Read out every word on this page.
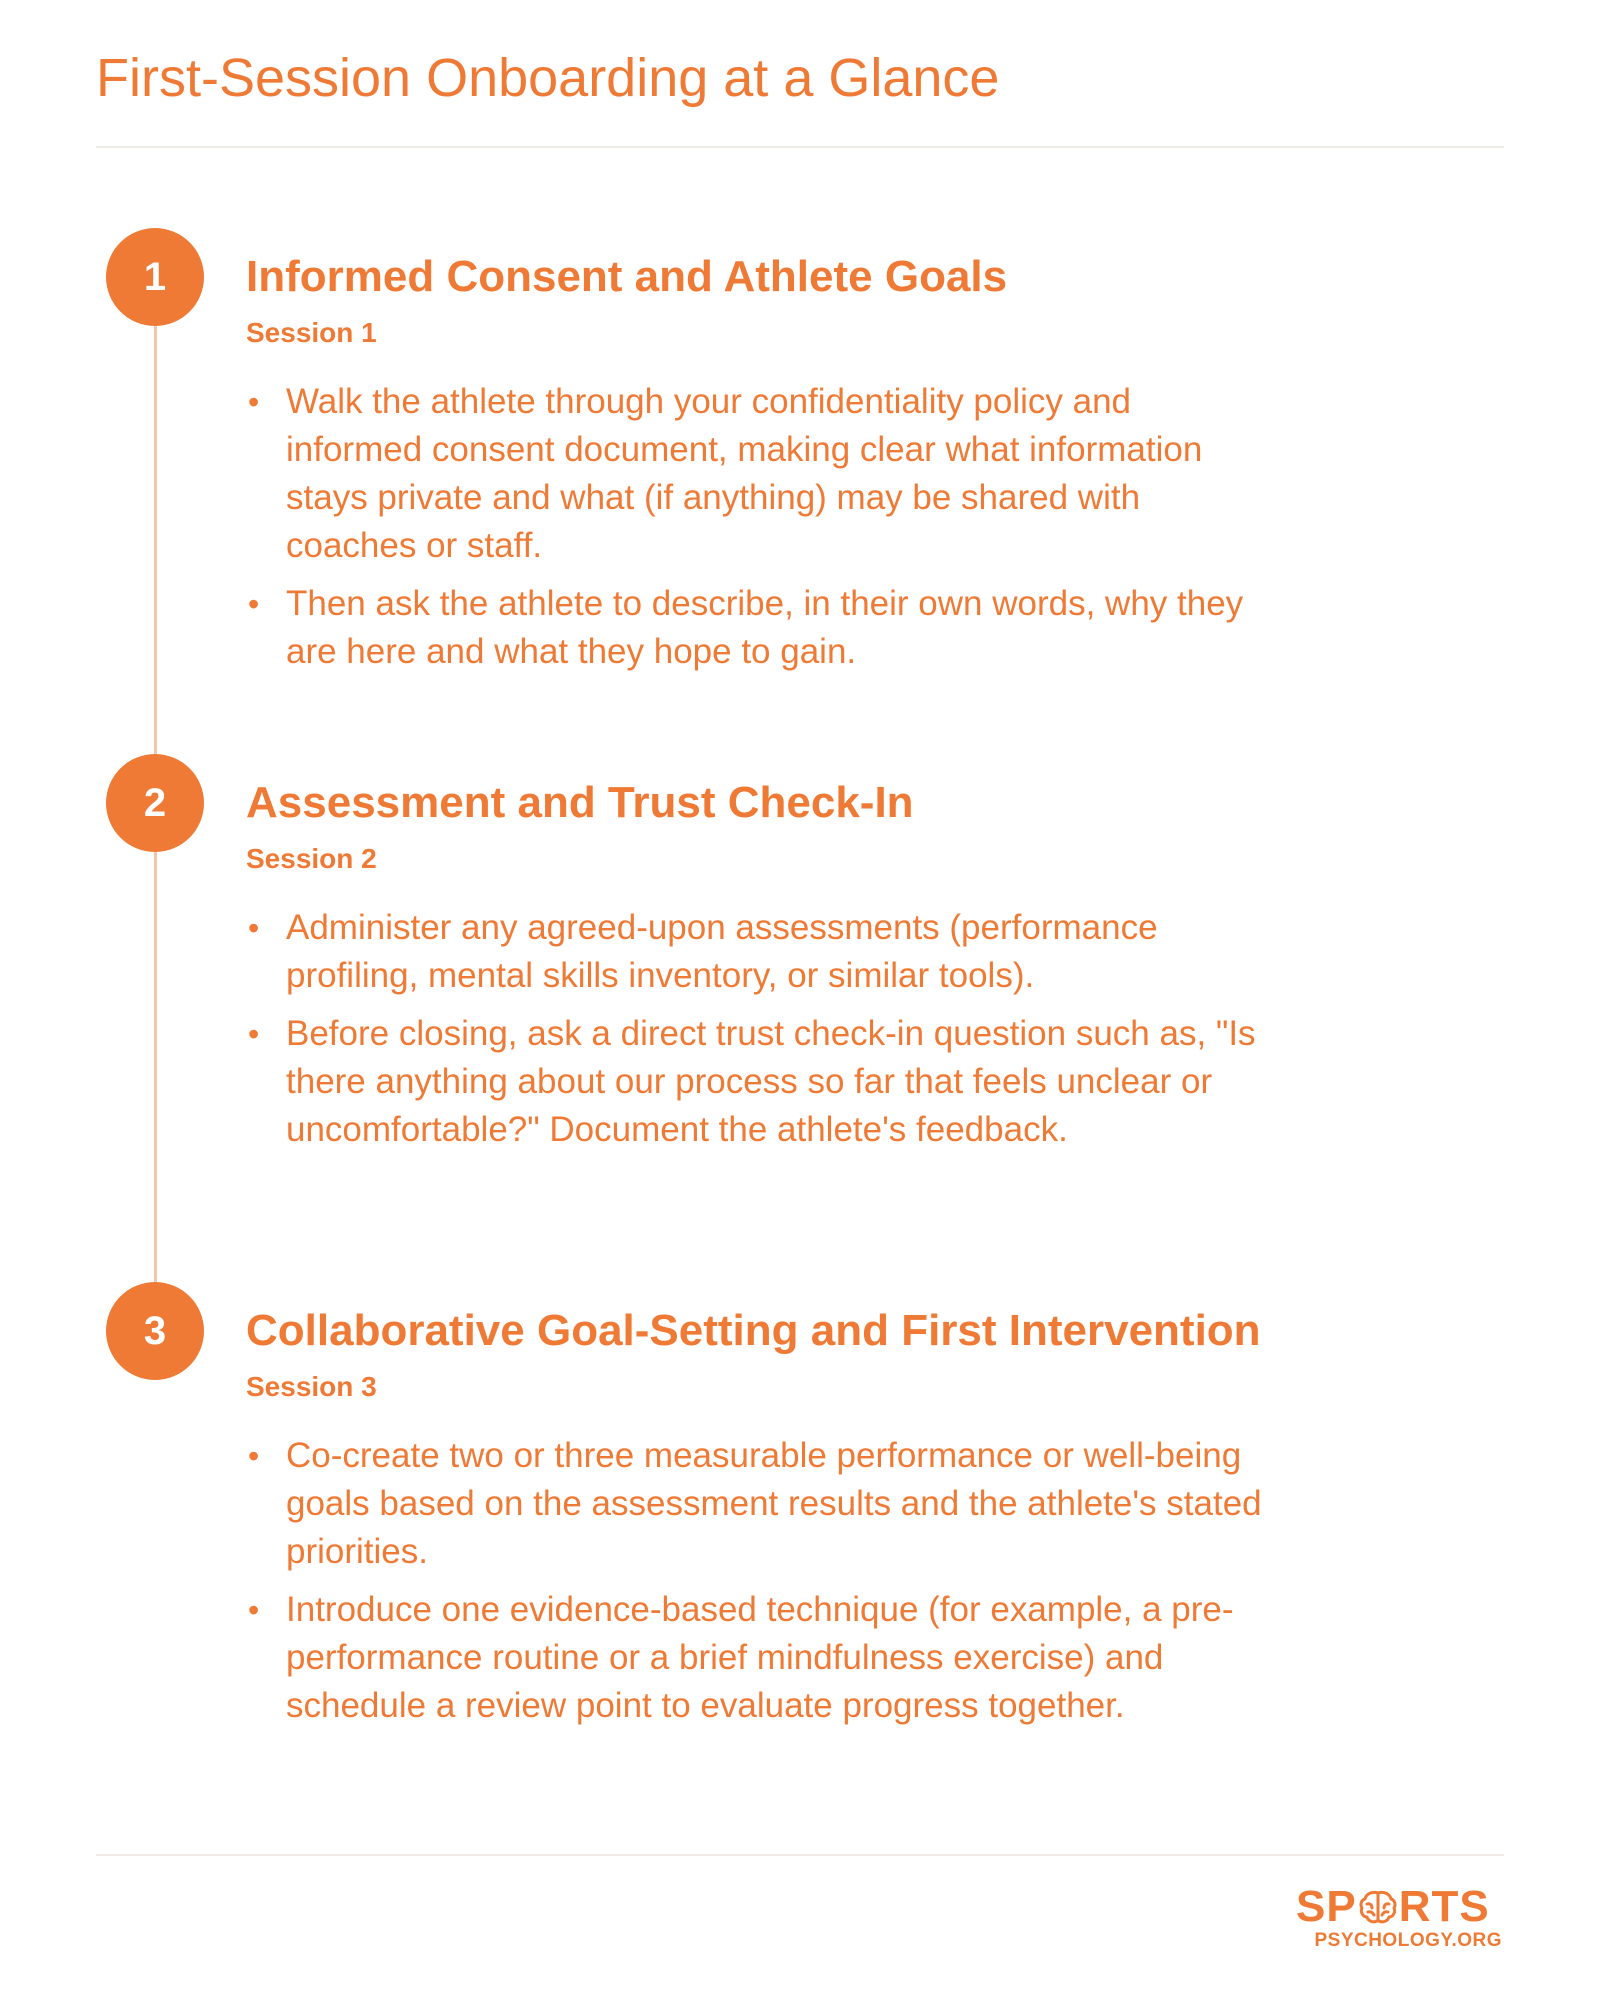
First-Session Onboarding at a Glance
1	Informed Consent and Athlete Goals
Session 1
• Walk the athlete through your confidentiality policy and informed consent document, making clear what information stays private and what (if anything) may be shared with coaches or staff.
• Then ask the athlete to describe, in their own words, why they are here and what they hope to gain.
2	Assessment and Trust Check-In
Session 2
• Administer any agreed-upon assessments (performance profiling, mental skills inventory, or similar tools).
• Before closing, ask a direct trust check-in question such as, "Is there anything about our process so far that feels unclear or uncomfortable?" Document the athlete's feedback.
3	Collaborative Goal-Setting and First Intervention
Session 3
• Co-create two or three measurable performance or well-being goals based on the assessment results and the athlete's stated priorities.
• Introduce one evidence-based technique (for example, a pre-performance routine or a brief mindfulness exercise) and schedule a review point to evaluate progress together.
SP RTS
PSYCHOLOGY.ORG
